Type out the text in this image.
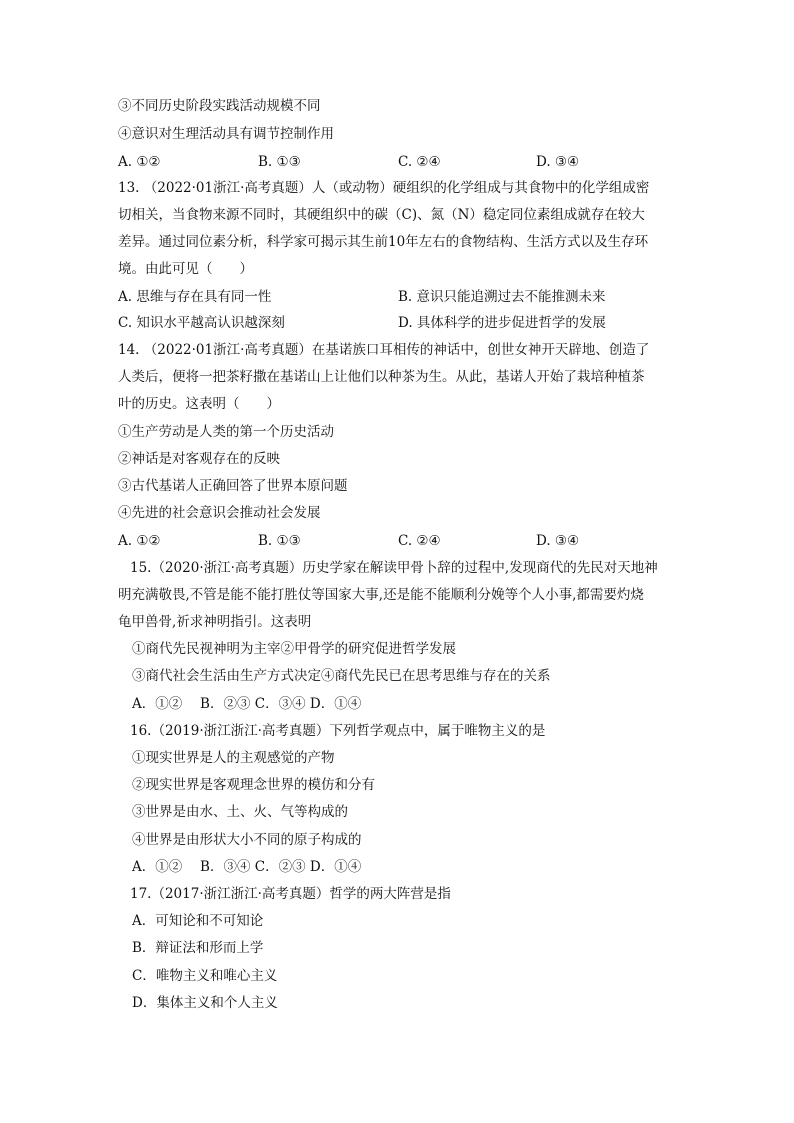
③不同历史阶段实践活动规模不同
④意识对生理活动具有调节控制作用
A. ①②	B. ①③	C. ②④	D. ③④
13. （2022·01浙江·高考真题）人（或动物）硬组织的化学组成与其食物中的化学组成密
切相关，当食物来源不同时，其硬组织中的碳（C)、氮（N）稳定同位素组成就存在较大
差异。通过同位素分析，科学家可揭示其生前10年左右的食物结构、生活方式以及生存环
境。由此可见（　　）
A. 思维与存在具有同一性	B. 意识只能追溯过去不能推测未来
C. 知识水平越高认识越深刻	D. 具体科学的进步促进哲学的发展
14. （2022·01浙江·高考真题）在基诺族口耳相传的神话中，创世女神开天辟地、创造了
人类后，便将一把茶籽撒在基诺山上让他们以种茶为生。从此，基诺人开始了栽培种植茶
叶的历史。这表明（　　）
①生产劳动是人类的第一个历史活动
②神话是对客观存在的反映
③古代基诺人正确回答了世界本原问题
④先进的社会意识会推动社会发展
A. ①②	B. ①③	C. ②④	D. ③④
15.（2020·浙江·高考真题）历史学家在解读甲骨卜辞的过程中,发现商代的先民对天地神
明充满敬畏,不管是能不能打胜仗等国家大事,还是能不能顺利分娩等个人小事,都需要灼烧
龟甲兽骨,祈求神明指引。这表明
①商代先民视神明为主宰②甲骨学的研究促进哲学发展
③商代社会生活由生产方式决定④商代先民已在思考思维与存在的关系
A．①②　 B．②③ C．③④ D．①④
16.（2019·浙江浙江·高考真题）下列哲学观点中，属于唯物主义的是
①现实世界是人的主观感觉的产物
②现实世界是客观理念世界的模仿和分有
③世界是由水、土、火、气等构成的
④世界是由形状大小不同的原子构成的
A．①②　 B．③④ C．②③ D．①④
17.（2017·浙江浙江·高考真题）哲学的两大阵营是指
A．可知论和不可知论
B．辩证法和形而上学
C．唯物主义和唯心主义
D．集体主义和个人主义
